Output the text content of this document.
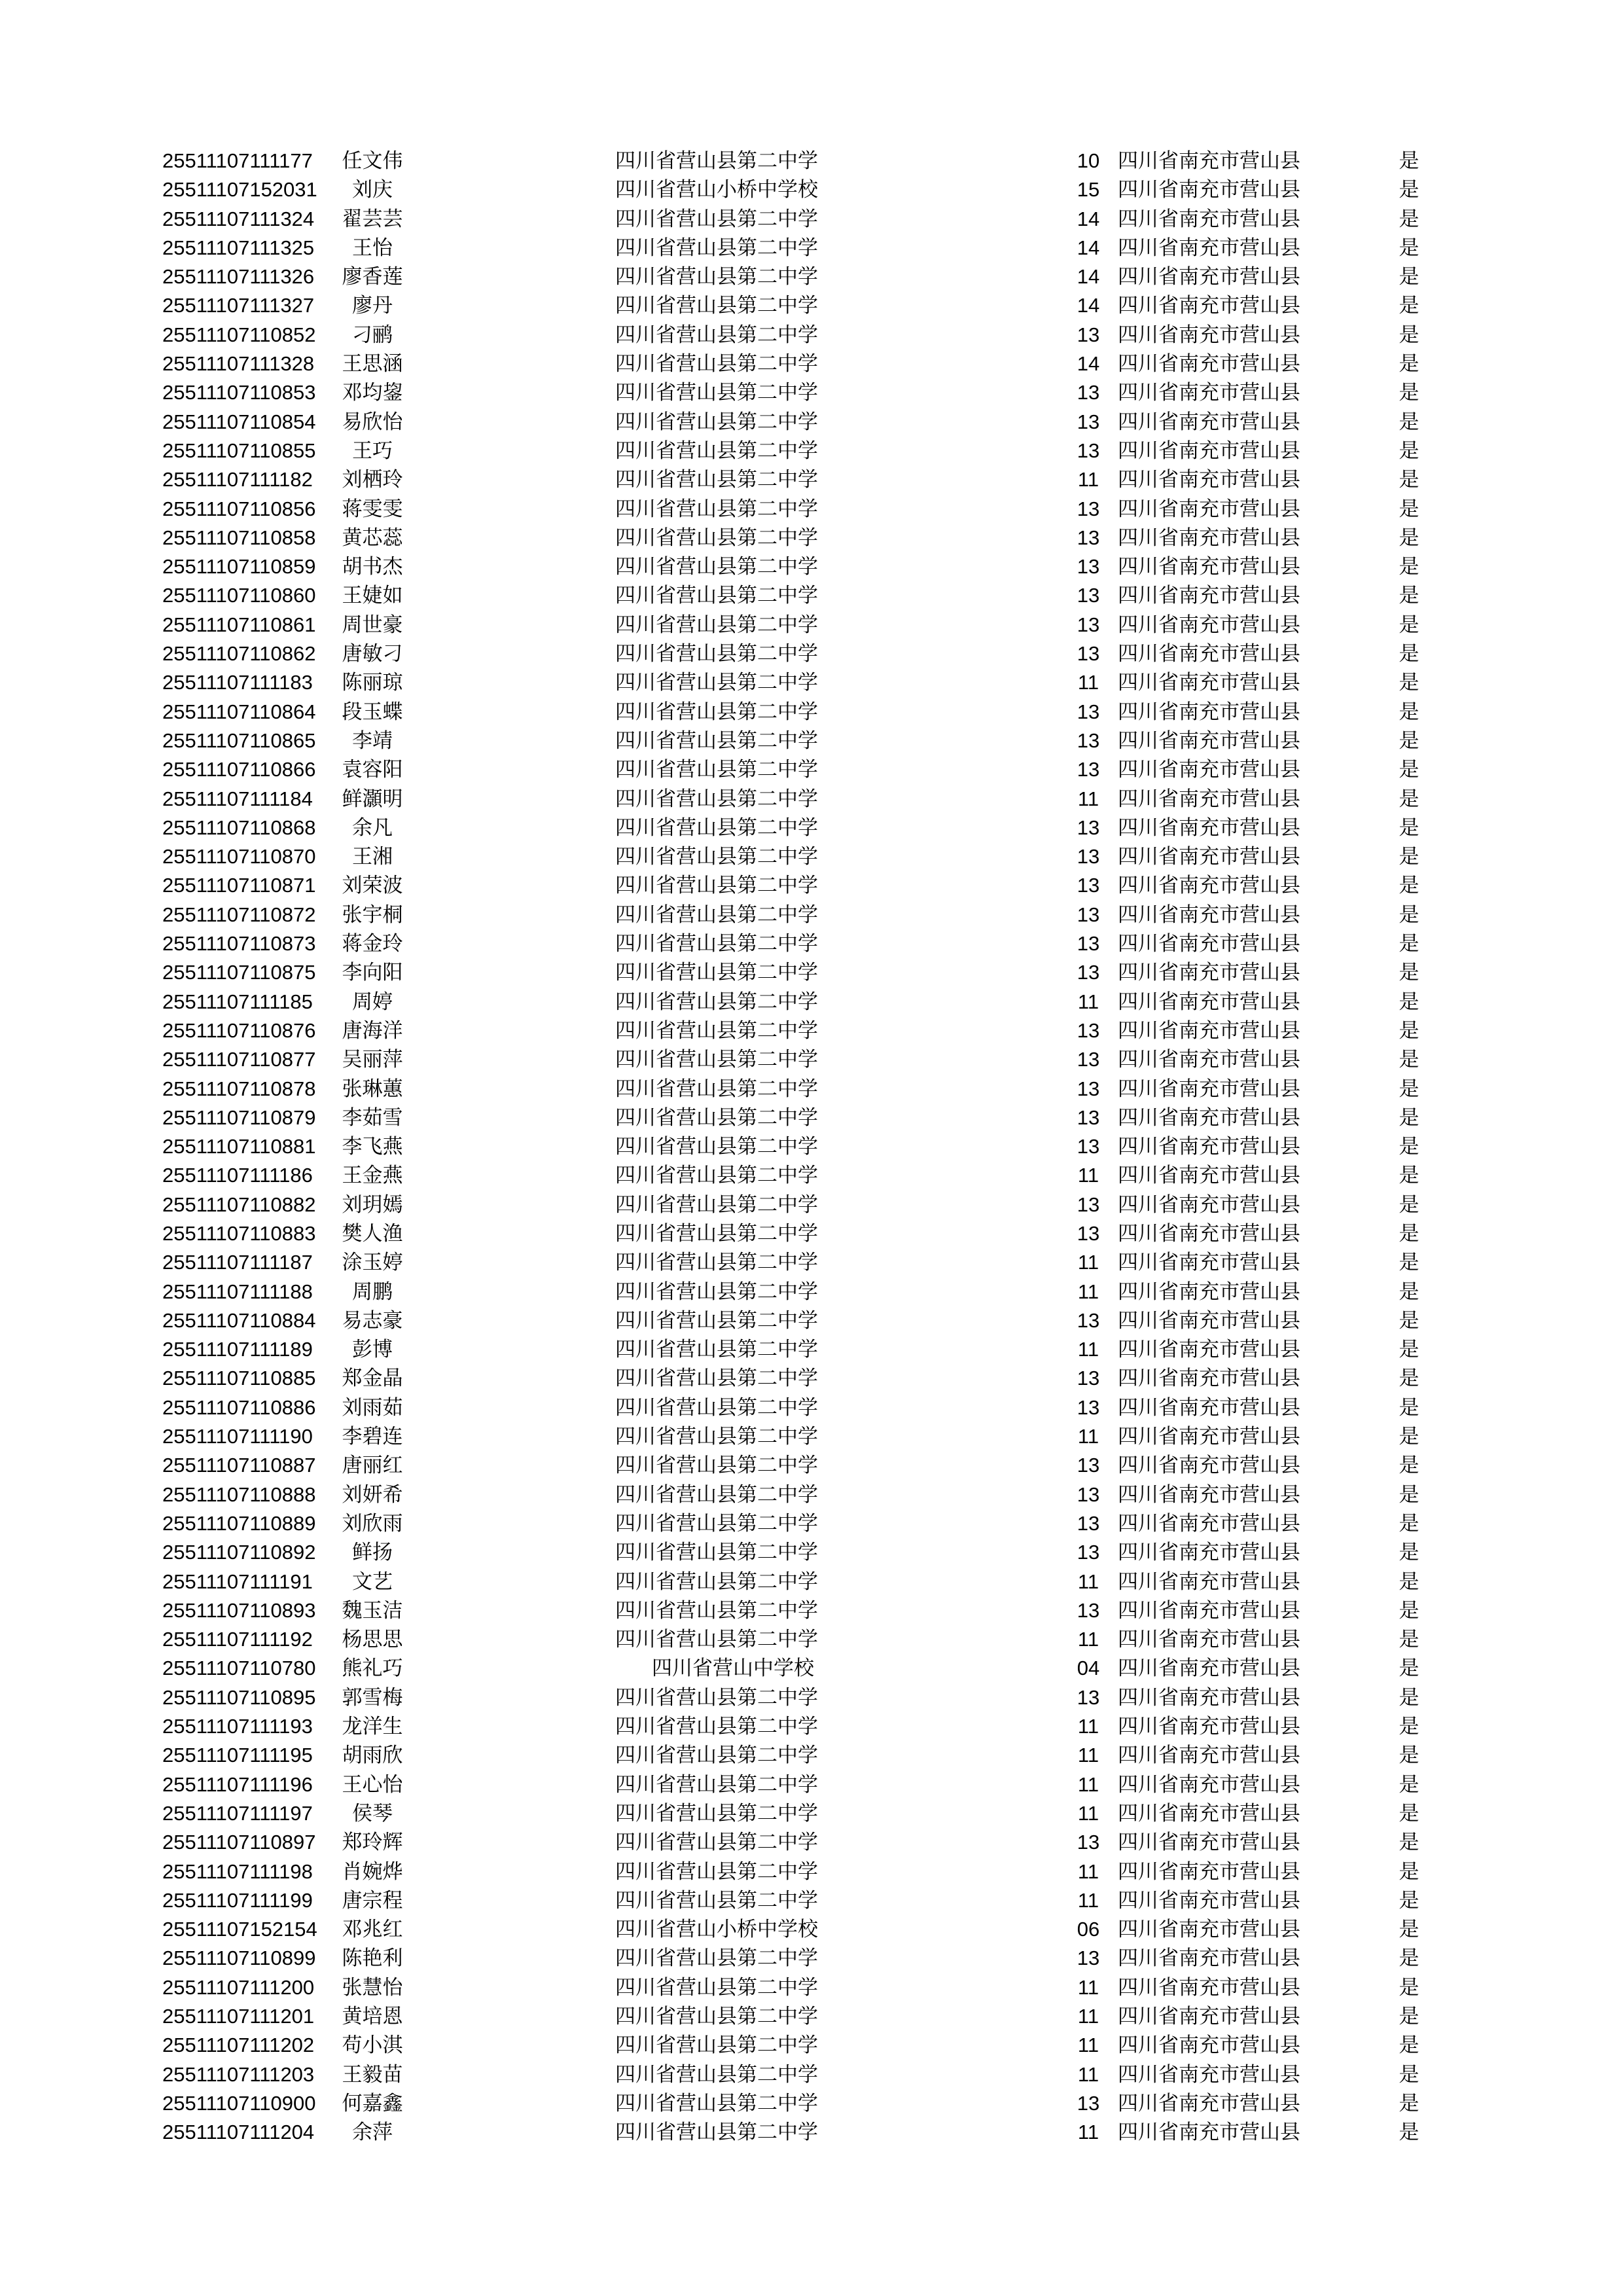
25511107111177	任文伟	四川省营山县第二中学	10 四川省南充市营山县	是
25511107152031	刘庆	四川省营山小桥中学校	15 四川省南充市营山县	是
25511107111324	翟芸芸	四川省营山县第二中学	14 四川省南充市营山县	是
25511107111325	王怡	四川省营山县第二中学	14 四川省南充市营山县	是
25511107111326	廖香莲	四川省营山县第二中学	14 四川省南充市营山县	是
25511107111327	廖丹	四川省营山县第二中学	14 四川省南充市营山县	是
25511107110852	刁鹂	四川省营山县第二中学	13 四川省南充市营山县	是
25511107111328	王思涵	四川省营山县第二中学	14 四川省南充市营山县	是
25511107110853	邓均鋆	四川省营山县第二中学	13 四川省南充市营山县	是
25511107110854	易欣怡	四川省营山县第二中学	13 四川省南充市营山县	是
25511107110855	王巧	四川省营山县第二中学	13 四川省南充市营山县	是
25511107111182	刘栖玲	四川省营山县第二中学	11 四川省南充市营山县	是
25511107110856	蒋雯雯	四川省营山县第二中学	13 四川省南充市营山县	是
25511107110858	黄芯蕊	四川省营山县第二中学	13 四川省南充市营山县	是
25511107110859	胡书杰	四川省营山县第二中学	13 四川省南充市营山县	是
25511107110860	王婕如	四川省营山县第二中学	13 四川省南充市营山县	是
25511107110861	周世豪	四川省营山县第二中学	13 四川省南充市营山县	是
25511107110862	唐敏刁	四川省营山县第二中学	13 四川省南充市营山县	是
25511107111183	陈丽琼	四川省营山县第二中学	11 四川省南充市营山县	是
25511107110864	段玉蝶	四川省营山县第二中学	13 四川省南充市营山县	是
25511107110865	李靖	四川省营山县第二中学	13 四川省南充市营山县	是
25511107110866	袁容阳	四川省营山县第二中学	13 四川省南充市营山县	是
25511107111184	鲜灝明	四川省营山县第二中学	11 四川省南充市营山县	是
25511107110868	余凡	四川省营山县第二中学	13 四川省南充市营山县	是
25511107110870	王湘	四川省营山县第二中学	13 四川省南充市营山县	是
25511107110871	刘荣波	四川省营山县第二中学	13 四川省南充市营山县	是
25511107110872	张宇桐	四川省营山县第二中学	13 四川省南充市营山县	是
25511107110873	蒋金玲	四川省营山县第二中学	13 四川省南充市营山县	是
25511107110875	李向阳	四川省营山县第二中学	13 四川省南充市营山县	是
25511107111185	周婷	四川省营山县第二中学	11 四川省南充市营山县	是
25511107110876	唐海洋	四川省营山县第二中学	13 四川省南充市营山县	是
25511107110877	吴丽萍	四川省营山县第二中学	13 四川省南充市营山县	是
25511107110878	张琳蕙	四川省营山县第二中学	13 四川省南充市营山县	是
25511107110879	李茹雪	四川省营山县第二中学	13 四川省南充市营山县	是
25511107110881	李飞燕	四川省营山县第二中学	13 四川省南充市营山县	是
25511107111186	王金燕	四川省营山县第二中学	11 四川省南充市营山县	是
25511107110882	刘玥嫣	四川省营山县第二中学	13 四川省南充市营山县	是
25511107110883	樊人渔	四川省营山县第二中学	13 四川省南充市营山县	是
25511107111187	涂玉婷	四川省营山县第二中学	11 四川省南充市营山县	是
25511107111188	周鹏	四川省营山县第二中学	11 四川省南充市营山县	是
25511107110884	易志豪	四川省营山县第二中学	13 四川省南充市营山县	是
25511107111189	彭博	四川省营山县第二中学	11 四川省南充市营山县	是
25511107110885	郑金晶	四川省营山县第二中学	13 四川省南充市营山县	是
25511107110886	刘雨茹	四川省营山县第二中学	13 四川省南充市营山县	是
25511107111190	李碧连	四川省营山县第二中学	11 四川省南充市营山县	是
25511107110887	唐丽红	四川省营山县第二中学	13 四川省南充市营山县	是
25511107110888	刘妍希	四川省营山县第二中学	13 四川省南充市营山县	是
25511107110889	刘欣雨	四川省营山县第二中学	13 四川省南充市营山县	是
25511107110892	鲜扬	四川省营山县第二中学	13 四川省南充市营山县	是
25511107111191	文艺	四川省营山县第二中学	11 四川省南充市营山县	是
25511107110893	魏玉洁	四川省营山县第二中学	13 四川省南充市营山县	是
25511107111192	杨思思	四川省营山县第二中学	11 四川省南充市营山县	是
25511107110780	熊礼巧	四川省营山中学校	04 四川省南充市营山县	是
25511107110895	郭雪梅	四川省营山县第二中学	13 四川省南充市营山县	是
25511107111193	龙洋生	四川省营山县第二中学	11 四川省南充市营山县	是
25511107111195	胡雨欣	四川省营山县第二中学	11 四川省南充市营山县	是
25511107111196	王心怡	四川省营山县第二中学	11 四川省南充市营山县	是
25511107111197	侯琴	四川省营山县第二中学	11 四川省南充市营山县	是
25511107110897	郑玲辉	四川省营山县第二中学	13 四川省南充市营山县	是
25511107111198	肖婉烨	四川省营山县第二中学	11 四川省南充市营山县	是
25511107111199	唐宗程	四川省营山县第二中学	11 四川省南充市营山县	是
25511107152154	邓兆红	四川省营山小桥中学校	06 四川省南充市营山县	是
25511107110899	陈艳利	四川省营山县第二中学	13 四川省南充市营山县	是
25511107111200	张慧怡	四川省营山县第二中学	11 四川省南充市营山县	是
25511107111201	黄培恩	四川省营山县第二中学	11 四川省南充市营山县	是
25511107111202	苟小淇	四川省营山县第二中学	11 四川省南充市营山县	是
25511107111203	王毅苗	四川省营山县第二中学	11 四川省南充市营山县	是
25511107110900	何嘉鑫	四川省营山县第二中学	13 四川省南充市营山县	是
25511107111204	余萍	四川省营山县第二中学	11 四川省南充市营山县	是
